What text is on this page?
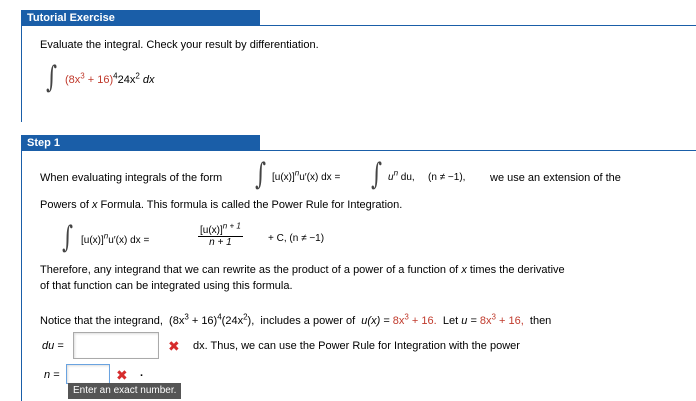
Tutorial Exercise
Evaluate the integral. Check your result by differentiation.
∫ $(8x^3 + 16)^424x^2$ dx
Step 1
When evaluating integrals of the form ∫ $[u(x)]^nu'(x)$ dx = ∫ $u^n$ du, (n ≠ −1), we use an extension of the
Powers of x Formula. This formula is called the Power Rule for Integration.
∫ $[u(x)]^nu'(x)$ dx =	$\frac{[u(x)]^{n + 1}}{n + 1}$	+ C, (n ≠ −1)
Therefore, any integrand that we can rewrite as the product of a power of a function of x times the derivative
of that function can be integrated using this formula.
Notice that the integrand, $(8x^3 + 16)^4(24x^2)$, includes a power of $u(x) = 8x^3 + 16$. Let $u = 8x^3 + 16$, then
du =	✖ dx. Thus, we can use the Power Rule for Integration with the power
n =	✖ .
Enter an exact number.
